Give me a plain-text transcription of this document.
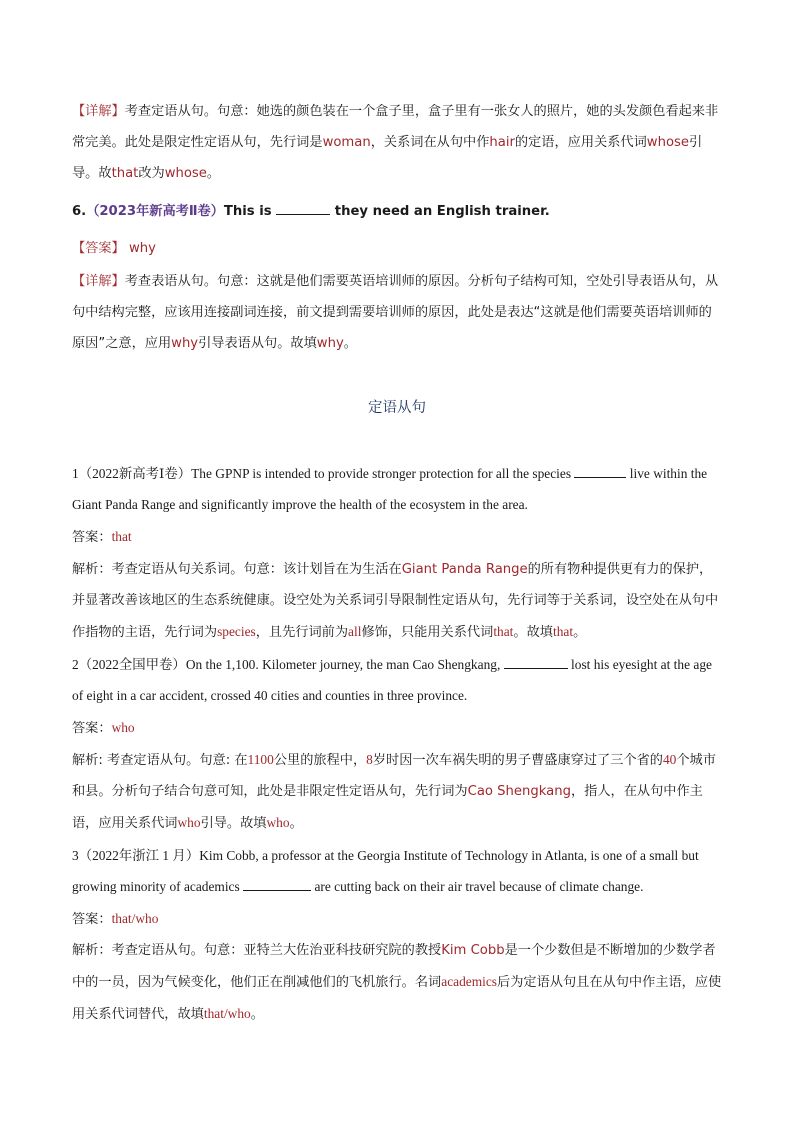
【详解】考查定语从句。句意：她选的颜色装在一个盒子里，盒子里有一张女人的照片，她的头发颜色看起来非常完美。此处是限定性定语从句，先行词是woman，关系词在从句中作hair的定语，应用关系代词whose引导。故that改为whose。

6.（2023年新高考Ⅱ卷）This is	they need an English trainer.

【答案】 why

【详解】考查表语从句。句意：这就是他们需要英语培训师的原因。分析句子结构可知，空处引导表语从句，从句中结构完整，应该用连接副词连接，前文提到需要培训师的原因，此处是表达“这就是他们需要英语培训师的原因”之意，应用why引导表语从句。故填why。

定语从句

1（2022新高考Ⅰ卷）The GPNP is intended to provide stronger protection for all the species	live within the Giant Panda Range and significantly improve the health of the ecosystem in the area.

答案：that

解析：考查定语从句关系词。句意：该计划旨在为生活在Giant Panda Range的所有物种提供更有力的保护，并显著改善该地区的生态系统健康。设空处为关系词引导限制性定语从句，先行词等于关系词，设空处在从句中作指物的主语，先行词为species，且先行词前为all修饰，只能用关系代词that。故填that。

2（2022全国甲卷）On the 1,100. Kilometer journey, the man Cao Shengkang,	lost his eyesight at the age of eight in a car accident, crossed 40 cities and counties in three province.

答案：who

解析: 考查定语从句。句意: 在1100公里的旅程中，8岁时因一次车祸失明的男子曹盛康穿过了三个省的40个城市和县。分析句子结合句意可知，此处是非限定性定语从句，先行词为Cao Shengkang，指人，在从句中作主语，应用关系代词who引导。故填who。

3（2022年浙江 1 月）Kim Cobb, a professor at the Georgia Institute of Technology in Atlanta, is one of a small but growing minority of academics	are cutting back on their air travel because of climate change.

答案：that/who

解析：考查定语从句。句意：亚特兰大佐治亚科技研究院的教授Kim Cobb是一个少数但是不断增加的少数学者中的一员，因为气候变化，他们正在削减他们的飞机旅行。名词academics后为定语从句且在从句中作主语，应使用关系代词替代，故填that/who。
